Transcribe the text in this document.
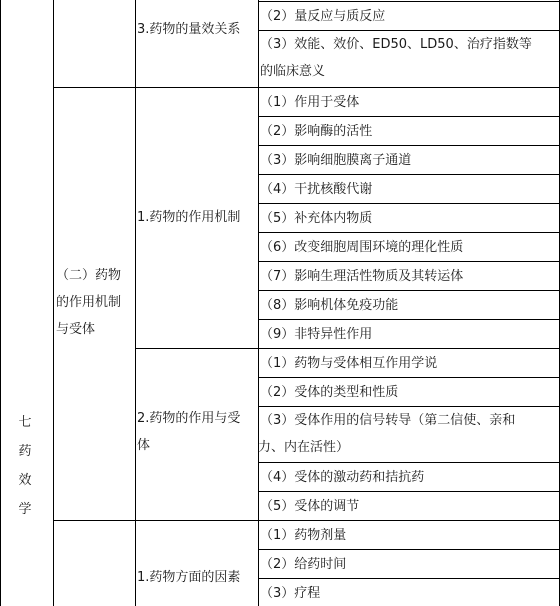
七
药
效
学
（二）药物
的作用机制
与受体
3.药物的量效关系
1.药物的作用机制
2.药物的作用与受
体
1.药物方面的因素
（2）量反应与质反应
（3）效能、效价、ED50、LD50、治疗指数等
的临床意义
（1）作用于受体
（2）影响酶的活性
（3）影响细胞膜离子通道
（4）干扰核酸代谢
（5）补充体内物质
（6）改变细胞周围环境的理化性质
（7）影响生理活性物质及其转运体
（8）影响机体免疫功能
（9）非特异性作用
（1）药物与受体相互作用学说
（2）受体的类型和性质
（3）受体作用的信号转导（第二信使、亲和
力、内在活性）
（4）受体的激动药和拮抗药
（5）受体的调节
（1）药物剂量
（2）给药时间
（3）疗程
